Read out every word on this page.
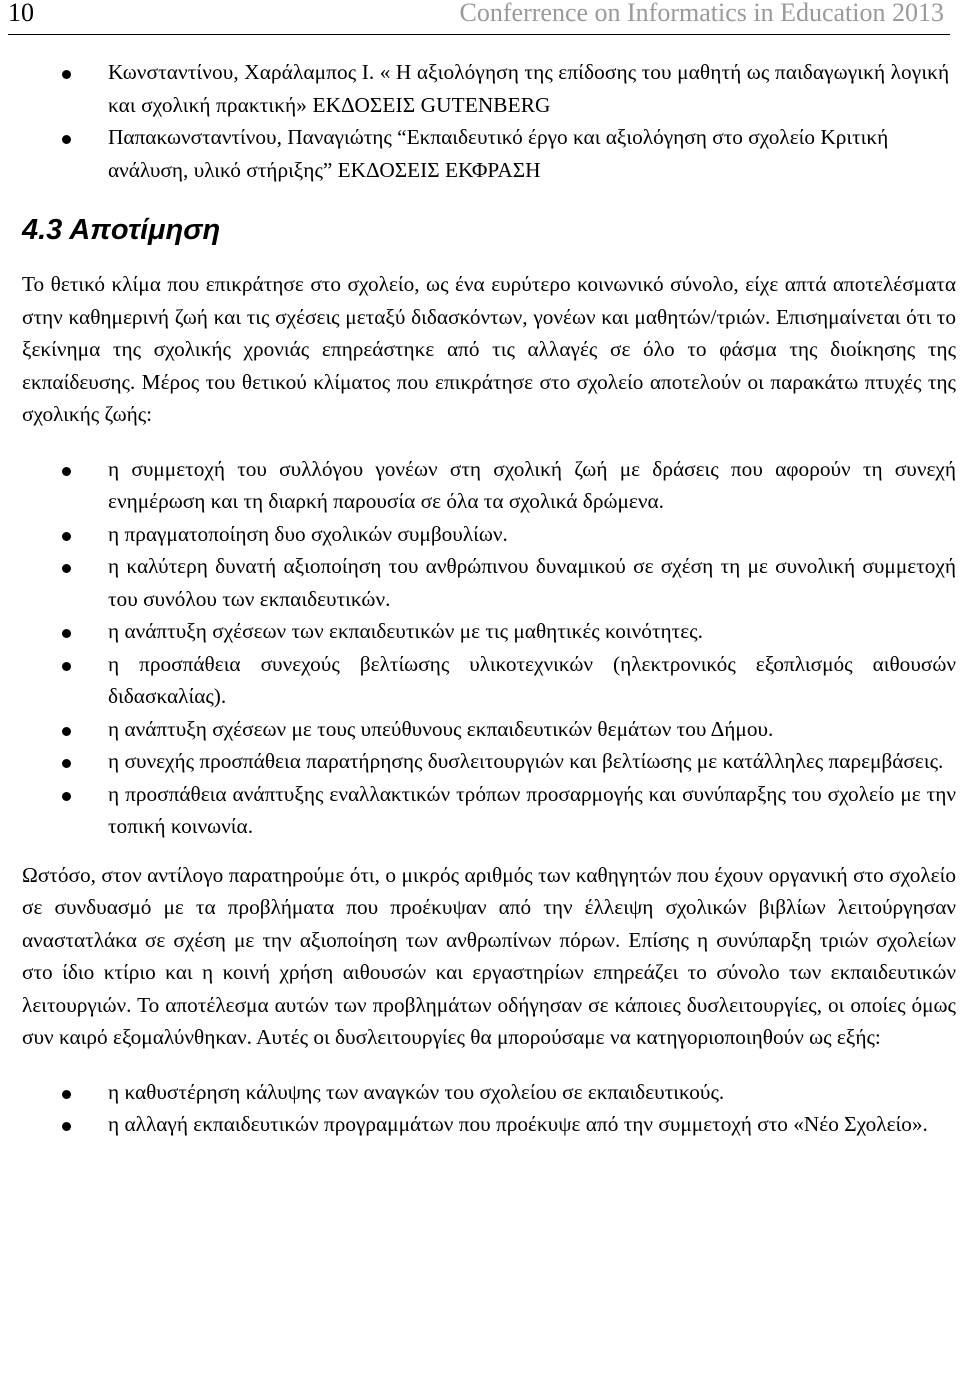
10	Conferrence on Informatics in Education 2013
Κωνσταντίνου, Χαράλαμπος Ι. « Η αξιολόγηση της επίδοσης του μαθητή ως παιδαγωγική λογική και σχολική πρακτική» ΕΚΔΟΣΕΙΣ GUTENBERG
Παπακωνσταντίνου, Παναγιώτης “Εκπαιδευτικό έργο και αξιολόγηση στο σχολείο Κριτική ανάλυση, υλικό στήριξης” ΕΚΔΟΣΕΙΣ ΕΚΦΡΑΣΗ
4.3 Αποτίμηση

Το θετικό κλίμα που επικράτησε στο σχολείο, ως ένα ευρύτερο κοινωνικό σύνολο, είχε απτά αποτελέσματα στην καθημερινή ζωή και τις σχέσεις μεταξύ διδασκόντων, γονέων και μαθητών/τριών. Επισημαίνεται ότι το ξεκίνημα της σχολικής χρονιάς επηρεάστηκε από τις αλλαγές σε όλο το φάσμα της διοίκησης της εκπαίδευσης. Μέρος του θετικού κλίματος που επικράτησε στο σχολείο αποτελούν οι παρακάτω πτυχές της σχολικής ζωής:

η συμμετοχή του συλλόγου γονέων στη σχολική ζωή με δράσεις που αφορούν τη συνεχή ενημέρωση και τη διαρκή παρουσία σε όλα τα σχολικά δρώμενα.
η πραγματοποίηση δυο σχολικών συμβουλίων.
η καλύτερη δυνατή αξιοποίηση του ανθρώπινου δυναμικού σε σχέση τη με συνολική συμμετοχή του συνόλου των εκπαιδευτικών.
η ανάπτυξη σχέσεων των εκπαιδευτικών με τις μαθητικές κοινότητες.
η προσπάθεια συνεχούς βελτίωσης υλικοτεχνικών (ηλεκτρονικός εξοπλισμός αιθουσών διδασκαλίας).
η ανάπτυξη σχέσεων με τους υπεύθυνους εκπαιδευτικών θεμάτων του Δήμου.
η συνεχής προσπάθεια παρατήρησης δυσλειτουργιών και βελτίωσης με κατάλληλες παρεμβάσεις.
η προσπάθεια ανάπτυξης εναλλακτικών τρόπων προσαρμογής και συνύπαρξης του σχολείο με την τοπική κοινωνία.

Ωστόσο, στον αντίλογο παρατηρούμε ότι, ο μικρός αριθμός των καθηγητών που έχουν οργανική στο σχολείο σε συνδυασμό με τα προβλήματα που προέκυψαν από την έλλειψη σχολικών βιβλίων λειτούργησαν αναστατλάκα σε σχέση με την αξιοποίηση των ανθρωπίνων πόρων. Επίσης η συνύπαρξη τριών σχολείων στο ίδιο κτίριο και η κοινή χρήση αιθουσών και εργαστηρίων επηρεάζει το σύνολο των εκπαιδευτικών λειτουργιών. Το αποτέλεσμα αυτών των προβλημάτων οδήγησαν σε κάποιες δυσλειτουργίες, οι οποίες όμως συν καιρό εξομαλύνθηκαν. Αυτές οι δυσλειτουργίες θα μπορούσαμε να κατηγοριοποιηθούν ως εξής:

η καθυστέρηση κάλυψης των αναγκών του σχολείου σε εκπαιδευτικούς.
η αλλαγή εκπαιδευτικών προγραμμάτων που προέκυψε από την συμμετοχή στο «Νέο Σχολείο».
